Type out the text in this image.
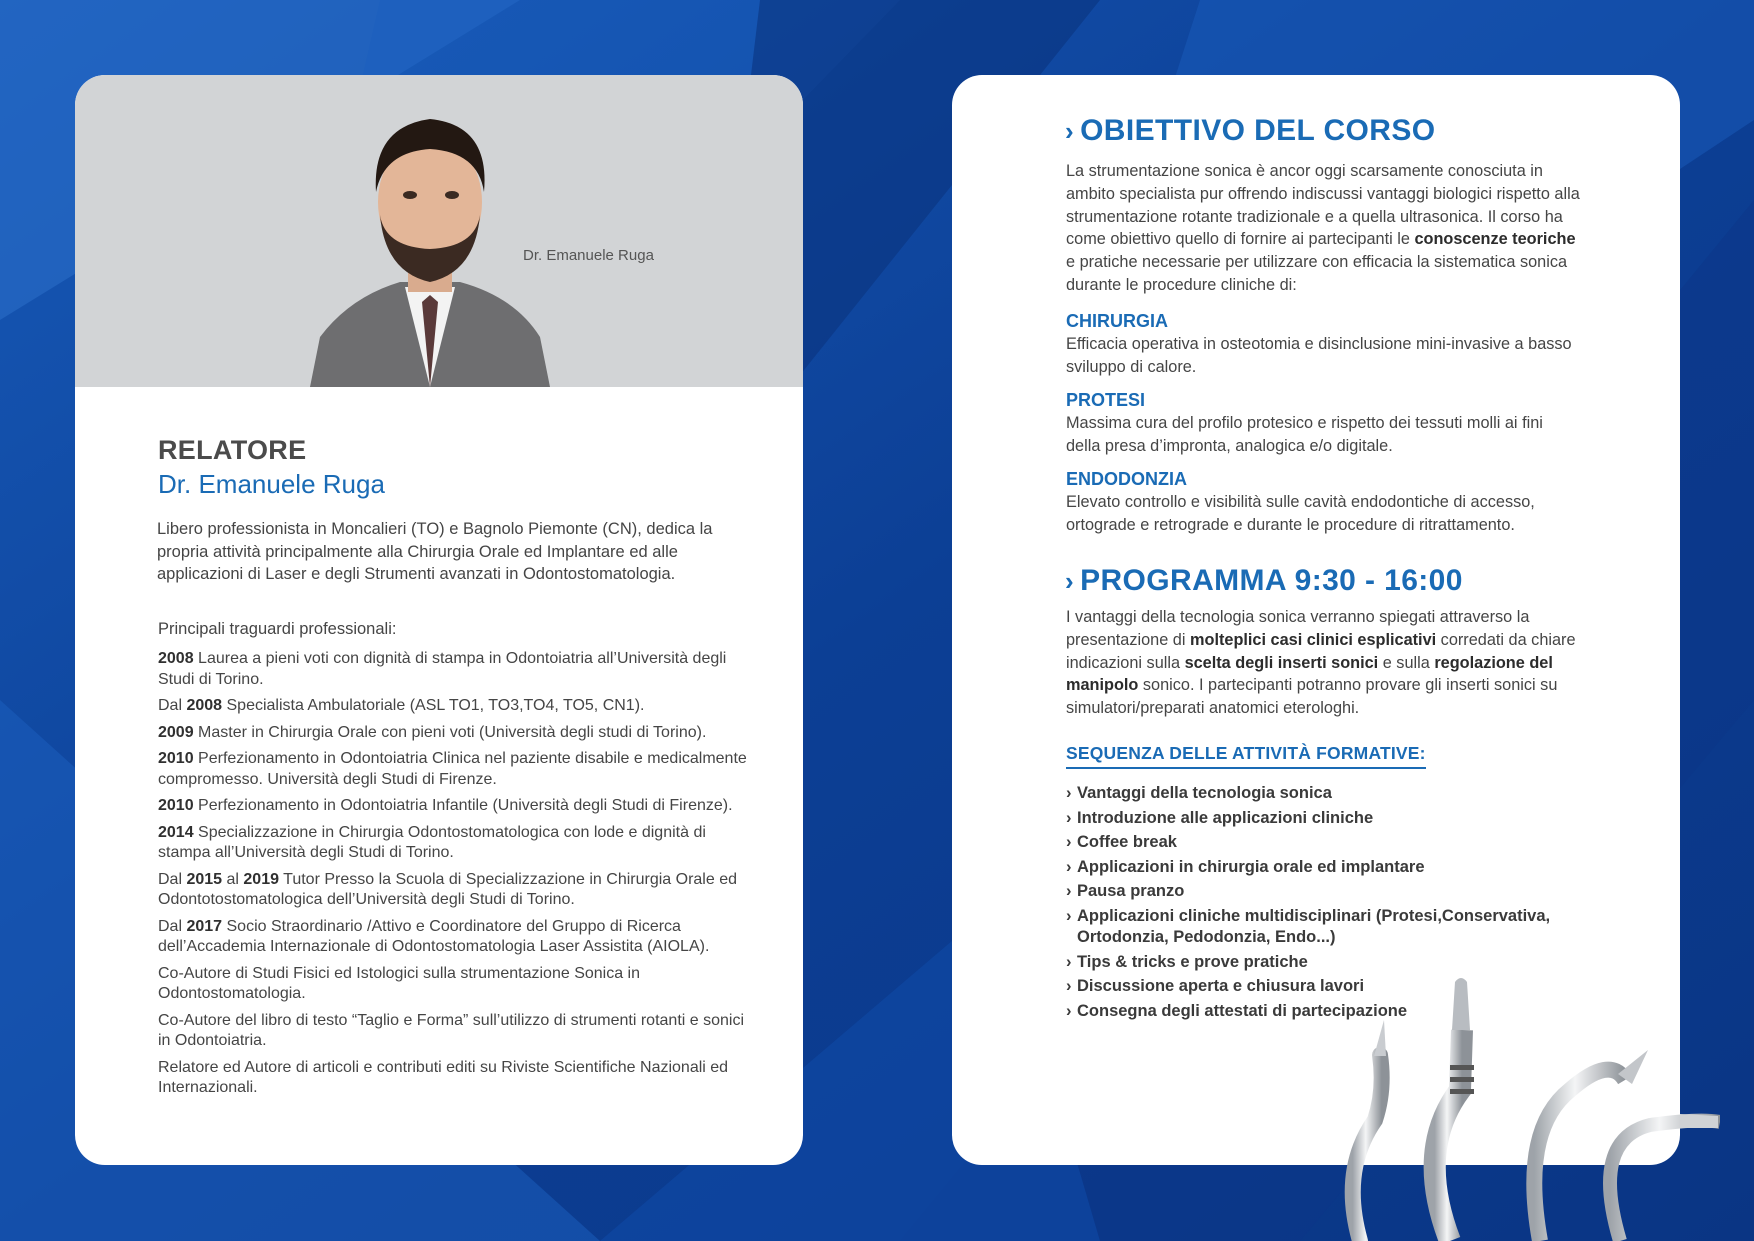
Dr. Emanuele Ruga
RELATORE
Dr. Emanuele Ruga
Libero professionista in Moncalieri (TO) e Bagnolo Piemonte (CN), dedica la propria attività principalmente alla Chirurgia Orale ed Implantare ed alle applicazioni di Laser e degli Strumenti avanzati in Odontostomatologia.
Principali traguardi professionali:
2008 Laurea a pieni voti con dignità di stampa in Odontoiatria all’Università degli Studi di Torino.
Dal 2008 Specialista Ambulatoriale (ASL TO1, TO3,TO4, TO5, CN1).
2009 Master in Chirurgia Orale con pieni voti (Università degli studi di Torino).
2010 Perfezionamento in Odontoiatria Clinica nel paziente disabile e medicalmente compromesso. Università degli Studi di Firenze.
2010 Perfezionamento in Odontoiatria Infantile (Università degli Studi di Firenze).
2014 Specializzazione in Chirurgia Odontostomatologica con lode e dignità di stampa all’Università degli Studi di Torino.
Dal 2015 al 2019 Tutor Presso la Scuola di Specializzazione in Chirurgia Orale ed Odontotostomatologica dell’Università degli Studi di Torino.
Dal 2017 Socio Straordinario /Attivo e Coordinatore del Gruppo di Ricerca dell’Accademia Internazionale di Odontostomatologia Laser Assistita (AIOLA).
Co-Autore di Studi Fisici ed Istologici sulla strumentazione Sonica in Odontostomatologia.
Co-Autore del libro di testo “Taglio e Forma” sull’utilizzo di strumenti rotanti e sonici in Odontoiatria.
Relatore ed Autore di articoli e contributi editi su Riviste Scientifiche Nazionali ed Internazionali.
› OBIETTIVO DEL CORSO
La strumentazione sonica è ancor oggi scarsamente conosciuta in ambito specialista pur offrendo indiscussi vantaggi biologici rispetto alla strumentazione rotante tradizionale e a quella ultrasonica. Il corso ha come obiettivo quello di fornire ai partecipanti le conoscenze teoriche e pratiche necessarie per utilizzare con efficacia la sistematica sonica durante le procedure cliniche di:
CHIRURGIA
Efficacia operativa in osteotomia e disinclusione mini-invasive a basso sviluppo di calore.
PROTESI
Massima cura del profilo protesico e rispetto dei tessuti molli ai fini della presa d’impronta, analogica e/o digitale.
ENDODONZIA
Elevato controllo e visibilità sulle cavità endodontiche di accesso, ortograde e retrograde e durante le procedure di ritrattamento.
› PROGRAMMA 9:30 - 16:00
I vantaggi della tecnologia sonica verranno spiegati attraverso la presentazione di molteplici casi clinici esplicativi corredati da chiare indicazioni sulla scelta degli inserti sonici e sulla regolazione del manipolo sonico. I partecipanti potranno provare gli inserti sonici su simulatori/preparati anatomici eterologhi.
SEQUENZA DELLE ATTIVITÀ FORMATIVE:
› Vantaggi della tecnologia sonica
› Introduzione alle applicazioni cliniche
› Coffee break
› Applicazioni in chirurgia orale ed implantare
› Pausa pranzo
› Applicazioni cliniche multidisciplinari (Protesi,Conservativa, Ortodonzia, Pedodonzia, Endo...)
› Tips & tricks e prove pratiche
› Discussione aperta e chiusura lavori
› Consegna degli attestati di partecipazione
